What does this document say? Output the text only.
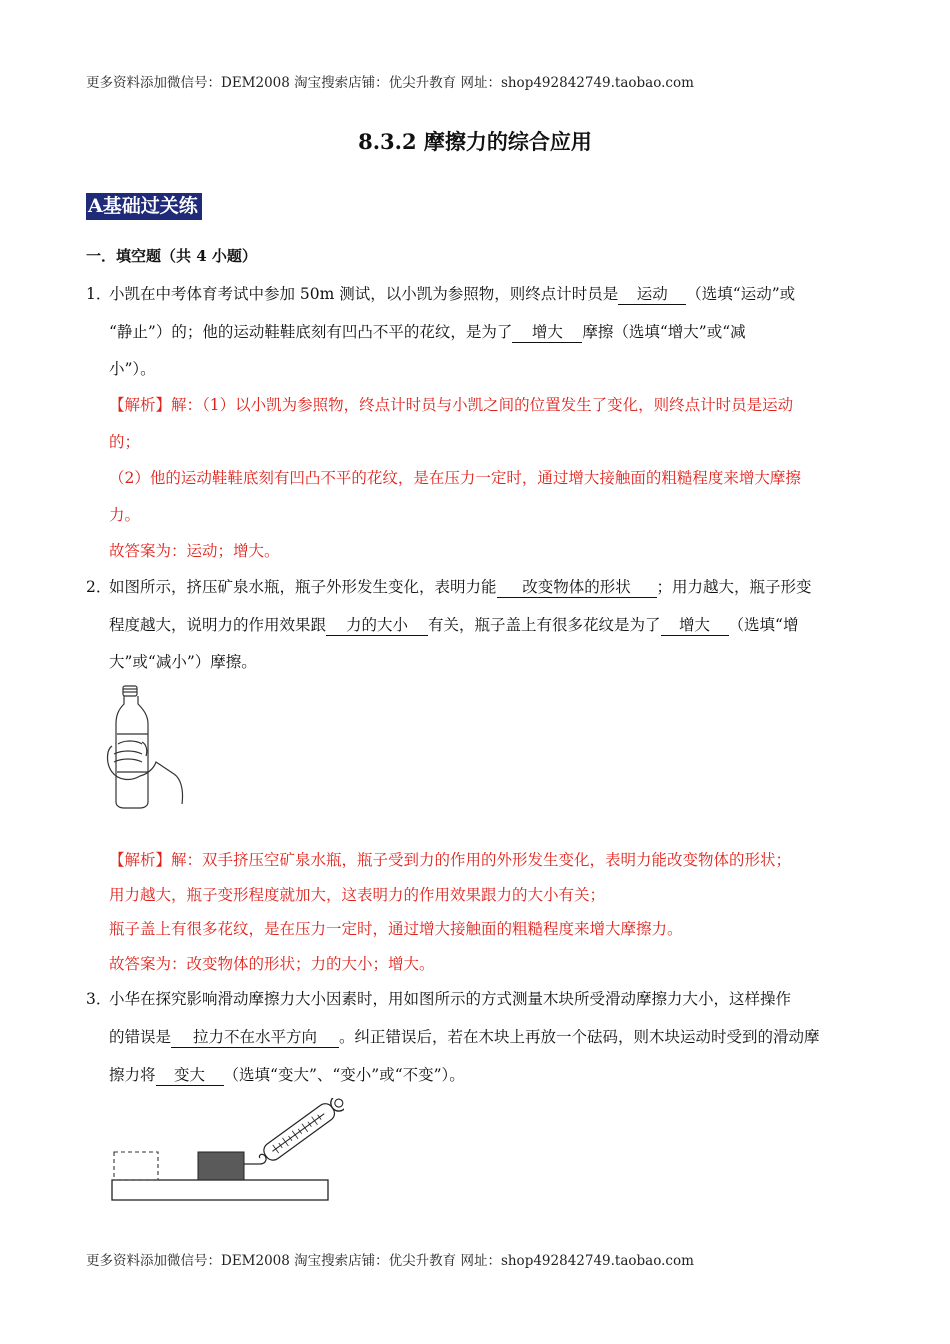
更多资料添加微信号：DEM2008 淘宝搜索店铺：优尖升教育 网址：shop492842749.taobao.com
8.3.2 摩擦力的综合应用
A基础过关练
一．填空题（共 4 小题）
1．
小凯在中考体育考试中参加 50m 测试，以小凯为参照物，则终点计时员是 运动 （选填“运动”或
“静止”）的；他的运动鞋鞋底刻有凹凸不平的花纹，是为了 增大 摩擦（选填“增大”或“减
小”）。
【解析】解：（1）以小凯为参照物，终点计时员与小凯之间的位置发生了变化，则终点计时员是运动
的；
（2）他的运动鞋鞋底刻有凹凸不平的花纹，是在压力一定时，通过增大接触面的粗糙程度来增大摩擦
力。
故答案为：运动；增大。
2．
如图所示，挤压矿泉水瓶，瓶子外形发生变化，表明力能 改变物体的形状 ；用力越大，瓶子形变
程度越大，说明力的作用效果跟 力的大小 有关，瓶子盖上有很多花纹是为了 增大 （选填“增
大”或“减小”）摩擦。
【解析】解：双手挤压空矿泉水瓶，瓶子受到力的作用的外形发生变化，表明力能改变物体的形状；
用力越大，瓶子变形程度就加大，这表明力的作用效果跟力的大小有关；
瓶子盖上有很多花纹，是在压力一定时，通过增大接触面的粗糙程度来增大摩擦力。
故答案为：改变物体的形状；力的大小；增大。
3．
小华在探究影响滑动摩擦力大小因素时，用如图所示的方式测量木块所受滑动摩擦力大小，这样操作
的错误是 拉力不在水平方向 。纠正错误后，若在木块上再放一个砝码，则木块运动时受到的滑动摩
擦力将 变大 （选填“变大”、“变小”或“不变”）。
更多资料添加微信号：DEM2008 淘宝搜索店铺：优尖升教育 网址：shop492842749.taobao.com
